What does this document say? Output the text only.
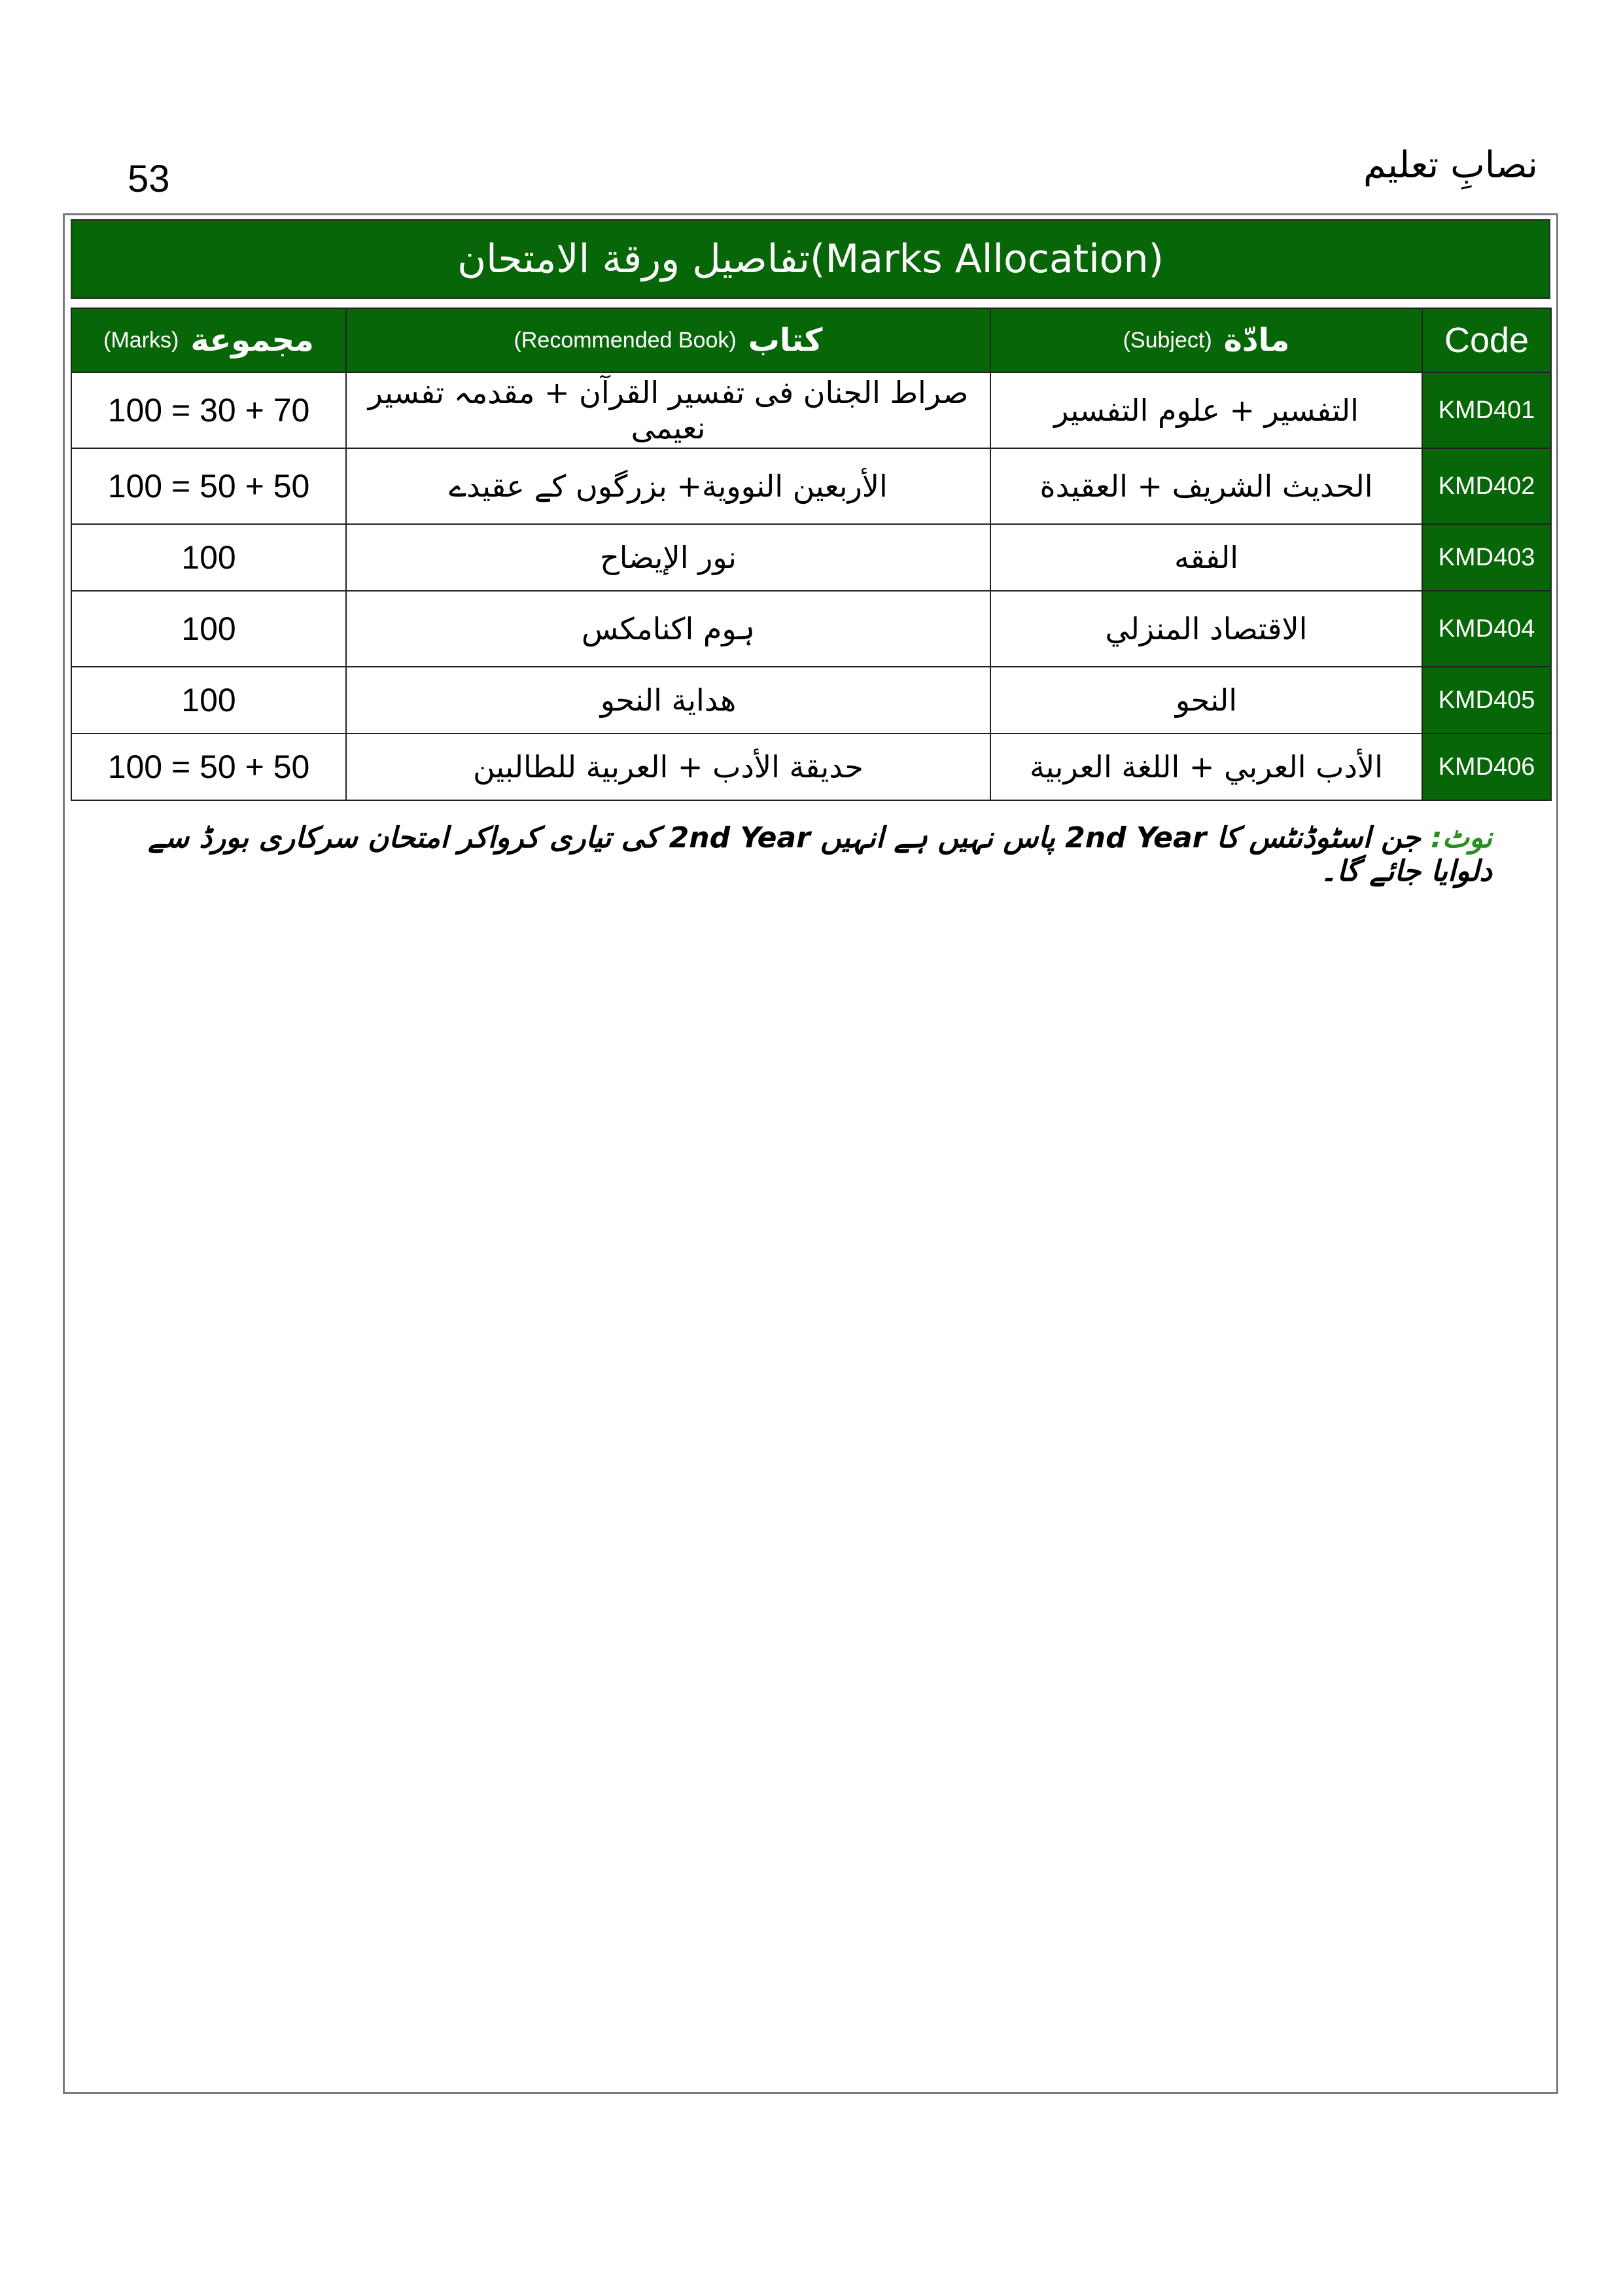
53	نصابِ تعلیم
تفاصيل ورقة الامتحان (Marks Allocation)
(Marks) مجموعة	(Recommended Book) كتاب	(Subject) مادّة	Code
100 = 30 + 70	صراط الجنان فی تفسیر القرآن + مقدمہ تفسیر نعیمی	التفسير + علوم التفسير	KMD401
100 = 50 + 50	الأربعين النووية+ بزرگوں کے عقیدے	الحديث الشريف + العقيدة	KMD402
100	نور الإيضاح	الفقه	KMD403
100	ہوم اکنامکس	الاقتصاد المنزلي	KMD404
100	هداية النحو	النحو	KMD405
100 = 50 + 50	حديقة الأدب + العربية للطالبين	الأدب العربي + اللغة العربية	KMD406
نوٹ: جن اسٹوڈنٹس کا 2nd Year پاس نہیں ہے انہیں 2nd Year کی تیاری کرواکر امتحان سرکاری بورڈ سے دلوایا جائے گا۔
